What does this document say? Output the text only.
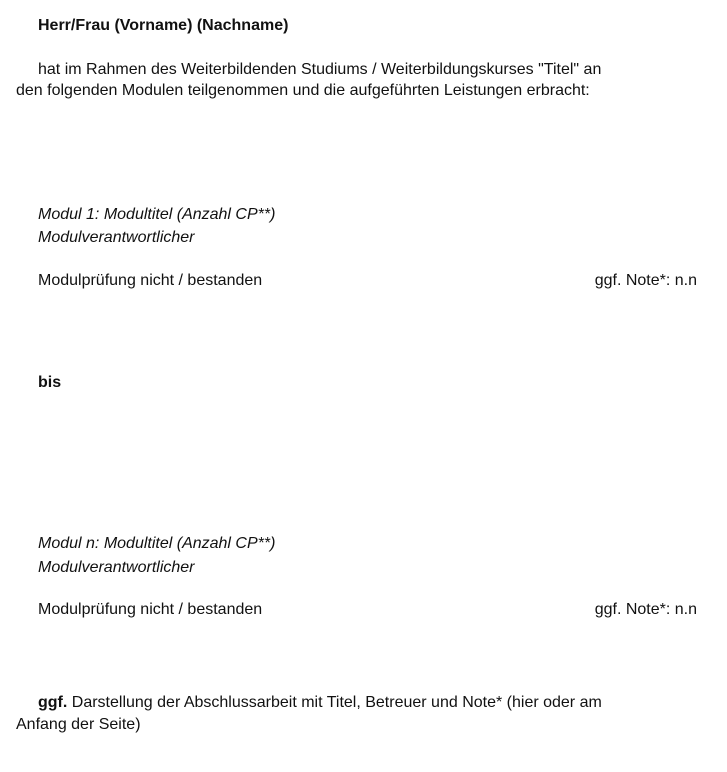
Herr/Frau (Vorname) (Nachname)
hat im Rahmen des Weiterbildenden Studiums / Weiterbildungskurses "Titel" an
den folgenden Modulen teilgenommen und die aufgeführten Leistungen erbracht:
Modul 1: Modultitel (Anzahl CP**)
Modulverantwortlicher
Modulprüfung nicht / bestanden	ggf. Note*: n.n
bis
Modul n: Modultitel (Anzahl CP**)
Modulverantwortlicher
Modulprüfung nicht / bestanden	ggf. Note*: n.n
ggf. Darstellung der Abschlussarbeit mit Titel, Betreuer und Note* (hier oder am
Anfang der Seite)
